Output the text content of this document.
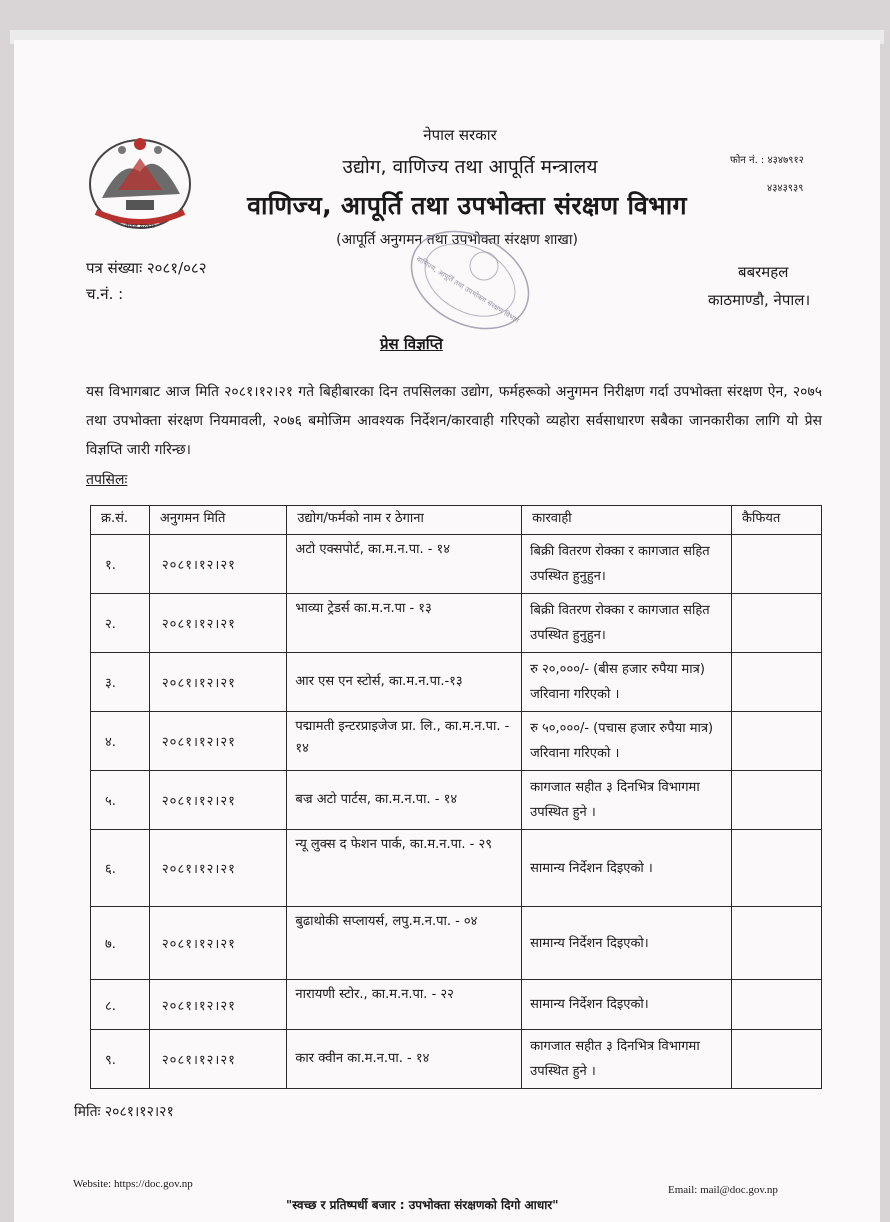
नेपाल सरकार
नेपाल सरकार
उद्योग, वाणिज्य तथा आपूर्ति मन्त्रालय
वाणिज्य, आपूर्ति तथा उपभोक्ता संरक्षण विभाग
(आपूर्ति अनुगमन तथा उपभोक्ता संरक्षण शाखा)
फोन नं. : ४३४७९१२
४३४३९३९
पत्र संख्याः २०८१/०८२
च.नं. :
बबरमहल
काठमाण्डौ, नेपाल।
वाणिज्य, आपूर्ति तथा उपभोक्ता संरक्षण विभाग
प्रेस विज्ञप्ति
यस विभागबाट आज मिति २०८१।१२।२१ गते बिहीबारका दिन तपसिलका उद्योग, फर्महरूको अनुगमन निरीक्षण गर्दा उपभोक्ता संरक्षण ऐन, २०७५ तथा उपभोक्ता संरक्षण नियमावली, २०७६ बमोजिम आवश्यक निर्देशन/कारवाही गरिएको व्यहोरा सर्वसाधारण सबैका जानकारीका लागि यो प्रेस विज्ञप्ति जारी गरिन्छ।
तपसिलः
क्र.सं.	अनुगमन मिति	उद्योग/फर्मको नाम र ठेगाना	कारवाही	कैफियत
१.	२०८१।१२।२१	अटो एक्सपोर्ट, का.म.न.पा. - १४	बिक्री वितरण रोक्का र कागजात सहित उपस्थित हुनुहुन।	
२.	२०८१।१२।२१	भाव्या ट्रेडर्स का.म.न.पा - १३	बिक्री वितरण रोक्का र कागजात सहित उपस्थित हुनुहुन।	
३.	२०८१।१२।२१	आर एस एन स्टोर्स, का.म.न.पा.-१३	रु २०,०००/- (बीस हजार रुपैया मात्र) जरिवाना गरिएको ।	
४.	२०८१।१२।२१	पद्मामती इन्टरप्राइजेज प्रा. लि., का.म.न.पा. - १४	रु ५०,०००/- (पचास हजार रुपैया मात्र) जरिवाना गरिएको ।	
५.	२०८१।१२।२१	बज्र अटो पार्टस, का.म.न.पा. - १४	कागजात सहीत ३ दिनभित्र विभागमा उपस्थित हुने ।	
६.	२०८१।१२।२१	न्यू लुक्स द फेशन पार्क, का.म.न.पा. - २९	सामान्य निर्देशन दिइएको ।	
७.	२०८१।१२।२१	बुढाथोकी सप्लायर्स, लपु.म.न.पा. - ०४	सामान्य निर्देशन दिइएको।	
८.	२०८१।१२।२१	नारायणी स्टोर., का.म.न.पा. - २२	सामान्य निर्देशन दिइएको।	
९.	२०८१।१२।२१	कार क्वीन का.म.न.पा. - १४	कागजात सहीत ३ दिनभित्र विभागमा उपस्थित हुने ।	
मितिः २०८१।१२।२१
Website: https://doc.gov.np	Email: mail@doc.gov.np
"स्वच्छ र प्रतिष्पर्धी बजार : उपभोक्ता संरक्षणको दिगो आधार"
